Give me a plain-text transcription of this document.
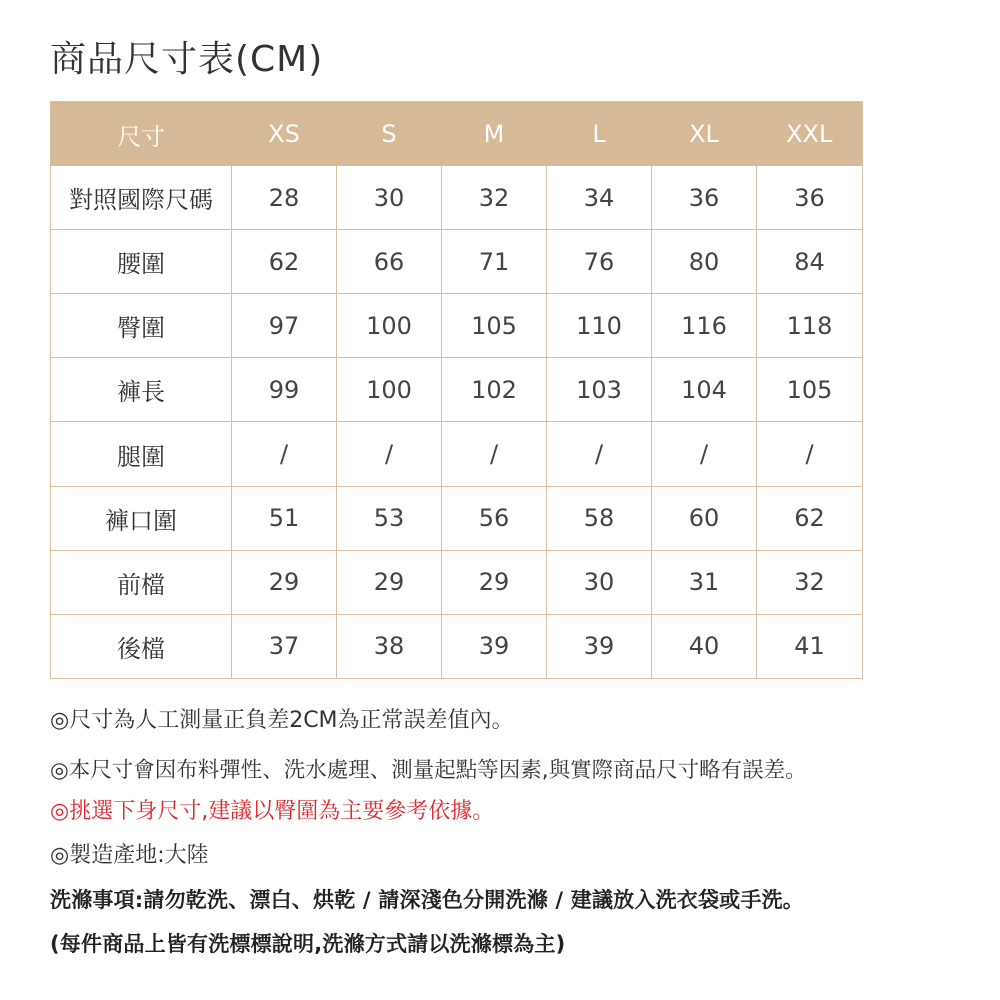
商品尺寸表(CM)
尺寸	XS	S	M	L	XL	XXL
對照國際尺碼	28	30	32	34	36	36
腰圍	62	66	71	76	80	84
臀圍	97	100	105	110	116	118
褲長	99	100	102	103	104	105
腿圍	/	/	/	/	/	/
褲口圍	51	53	56	58	60	62
前檔	29	29	29	30	31	32
後檔	37	38	39	39	40	41
◎尺寸為人工測量正負差2CM為正常誤差值內。
◎本尺寸會因布料彈性、洗水處理、測量起點等因素,與實際商品尺寸略有誤差。
◎挑選下身尺寸,建議以臀圍為主要參考依據。
◎製造產地:大陸
洗滌事項:請勿乾洗、漂白、烘乾 / 請深淺色分開洗滌 / 建議放入洗衣袋或手洗。
(每件商品上皆有洗標標說明,洗滌方式請以洗滌標為主)
